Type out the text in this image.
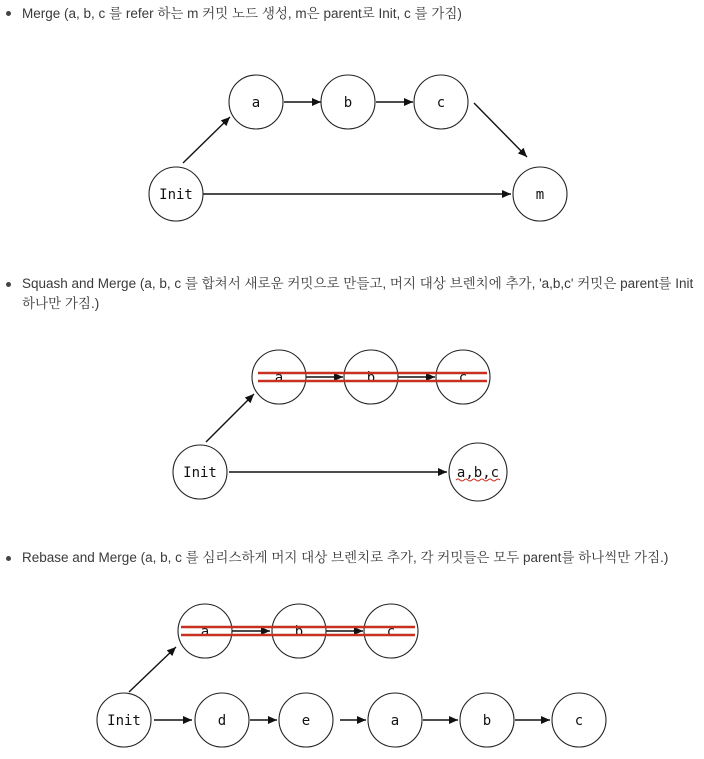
Merge (a, b, c 를 refer 하는 m 커밋 노드 생성, m은 parent로 Init, c 를 가짐)
Squash and Merge (a, b, c 를 합쳐서 새로운 커밋으로 만들고, 머지 대상 브렌치에 추가, 'a,b,c' 커밋은 parent를 Init 하나만 가짐.)
Rebase and Merge (a, b, c 를 심리스하게 머지 대상 브렌치로 추가, 각 커밋들은 모두 parent를 하나씩만 가짐.)
a	b	c
Init	m
a	b	c
Init	a,b,c
a	b	c
Init	d	e	a	b	c
